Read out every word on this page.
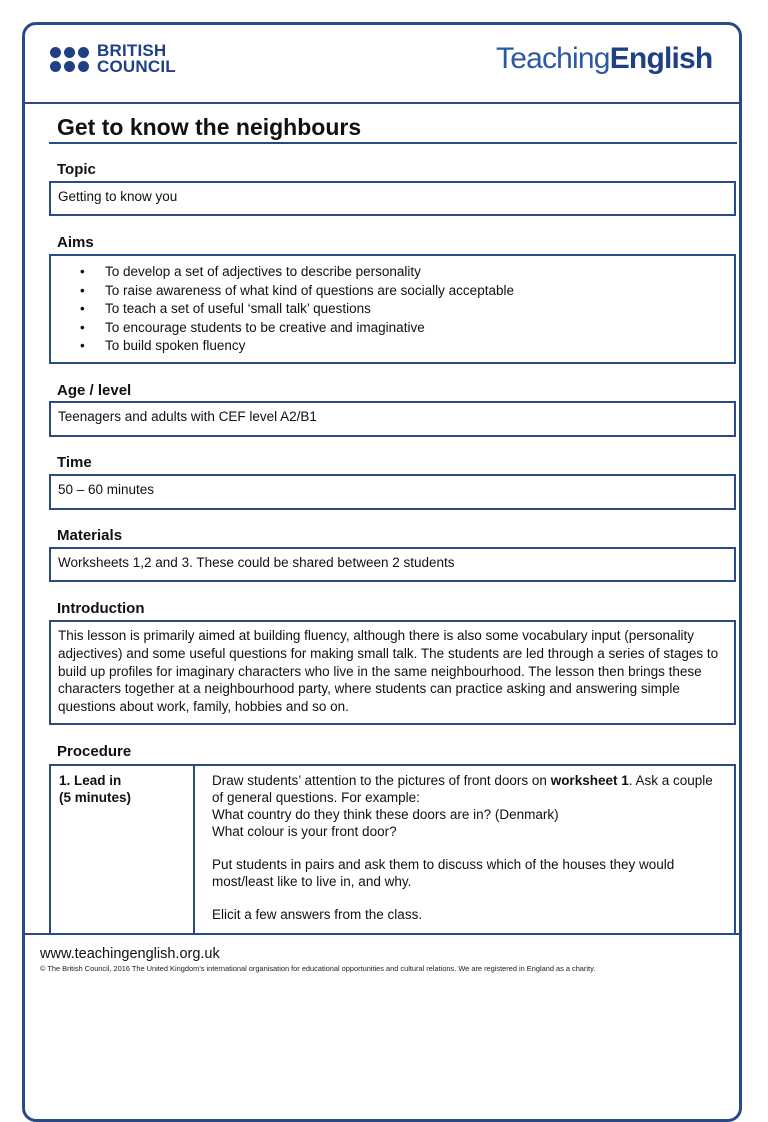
BRITISH
COUNCIL	TeachingEnglish
Get to know the neighbours
Topic
Getting to know you
Aims
• To develop a set of adjectives to describe personality
• To raise awareness of what kind of questions are socially acceptable
• To teach a set of useful ‘small talk’ questions
• To encourage students to be creative and imaginative
• To build spoken fluency
Age / level
Teenagers and adults with CEF level A2/B1
Time
50 – 60 minutes
Materials
Worksheets 1,2 and 3. These could be shared between 2 students
Introduction
This lesson is primarily aimed at building fluency, although there is also some vocabulary input (personality adjectives) and some useful questions for making small talk. The students are led through a series of stages to build up profiles for imaginary characters who live in the same neighbourhood. The lesson then brings these characters together at a neighbourhood party, where students can practice asking and answering simple questions about work, family, hobbies and so on.
Procedure
1. Lead in
(5 minutes)

Draw students’ attention to the pictures of front doors on worksheet 1. Ask a couple of general questions. For example:
What country do they think these doors are in? (Denmark)
What colour is your front door?

Put students in pairs and ask them to discuss which of the houses they would most/least like to live in, and why.

Elicit a few answers from the class.

www.teachingenglish.org.uk
© The British Council, 2016 The United Kingdom’s international organisation for educational opportunities and cultural relations. We are registered in England as a charity.
